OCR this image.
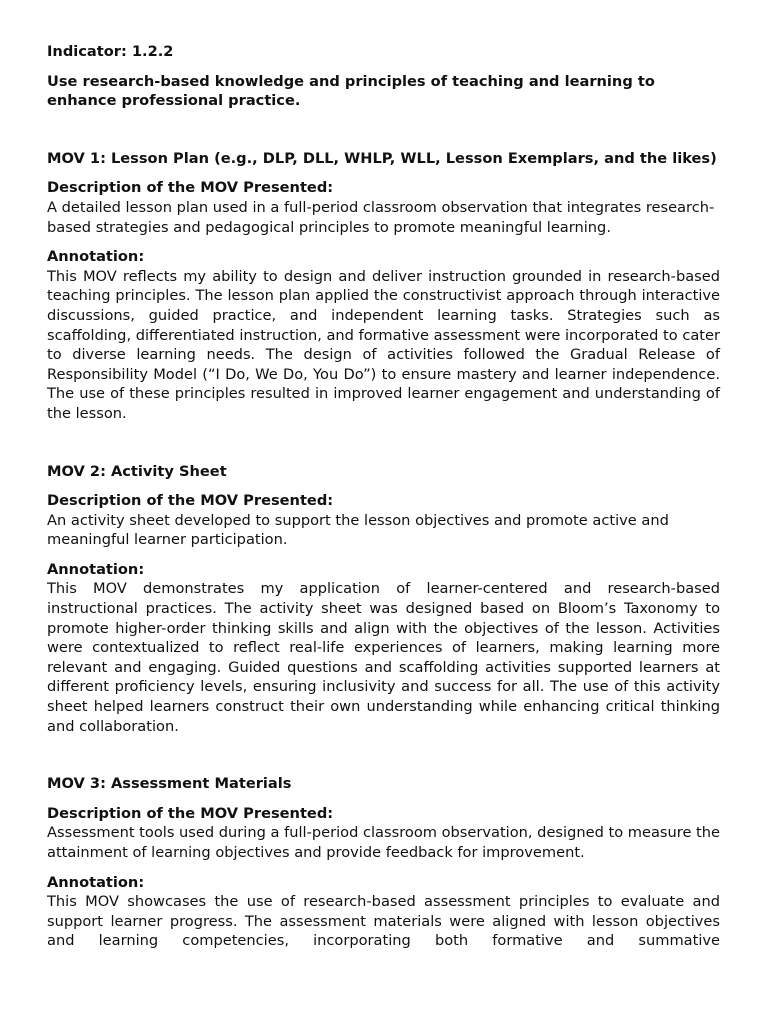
Indicator: 1.2.2

Use research-based knowledge and principles of teaching and learning to enhance professional practice.

MOV 1: Lesson Plan (e.g., DLP, DLL, WHLP, WLL, Lesson Exemplars, and the likes)

Description of the MOV Presented:

A detailed lesson plan used in a full-period classroom observation that integrates research-based strategies and pedagogical principles to promote meaningful learning.

Annotation:

This MOV reflects my ability to design and deliver instruction grounded in research-based teaching principles. The lesson plan applied the constructivist approach through interactive discussions, guided practice, and independent learning tasks. Strategies such as scaffolding, differentiated instruction, and formative assessment were incorporated to cater to diverse learning needs. The design of activities followed the Gradual Release of Responsibility Model (“I Do, We Do, You Do”) to ensure mastery and learner independence. The use of these principles resulted in improved learner engagement and understanding of the lesson.

MOV 2: Activity Sheet

Description of the MOV Presented:

An activity sheet developed to support the lesson objectives and promote active and meaningful learner participation.

Annotation:

This MOV demonstrates my application of learner-centered and research-based instructional practices. The activity sheet was designed based on Bloom’s Taxonomy to promote higher-order thinking skills and align with the objectives of the lesson. Activities were contextualized to reflect real-life experiences of learners, making learning more relevant and engaging. Guided questions and scaffolding activities supported learners at different proficiency levels, ensuring inclusivity and success for all. The use of this activity sheet helped learners construct their own understanding while enhancing critical thinking and collaboration.

MOV 3: Assessment Materials

Description of the MOV Presented:

Assessment tools used during a full-period classroom observation, designed to measure the attainment of learning objectives and provide feedback for improvement.

Annotation:

This MOV showcases the use of research-based assessment principles to evaluate and support learner progress. The assessment materials were aligned with lesson objectives and learning competencies, incorporating both formative and summative
